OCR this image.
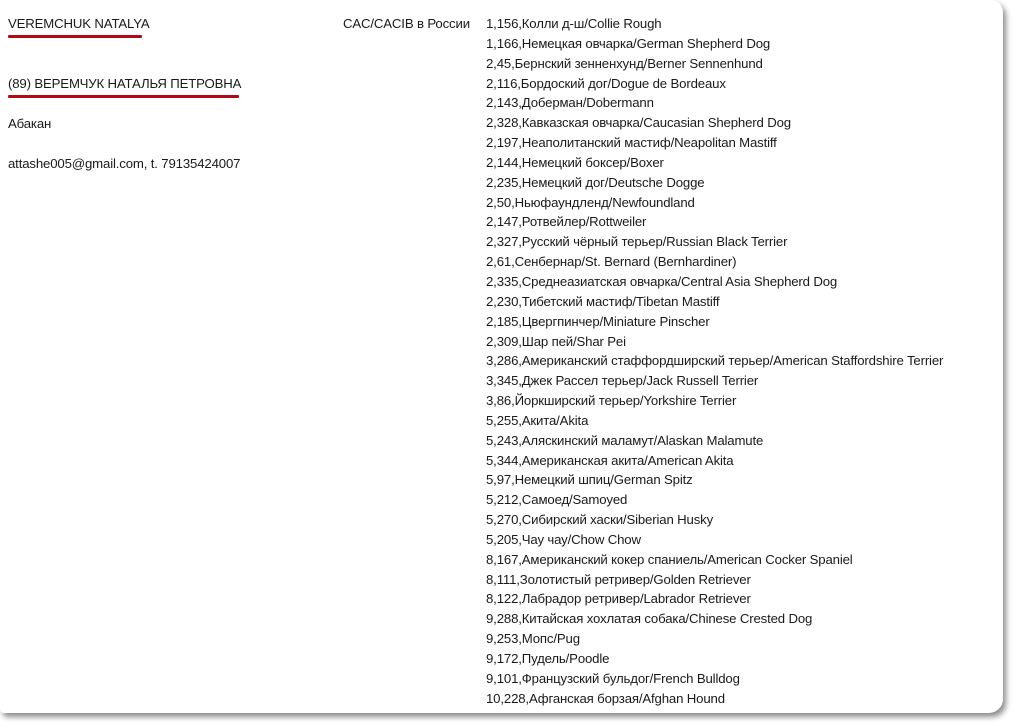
VEREMCHUK NATALYA
(89) ВЕРЕМЧУК НАТАЛЬЯ ПЕТРОВНА
Абакан
attashe005@gmail.com, t. 79135424007
CAC/CACIB в России 1,156,Колли д-ш/Collie Rough
1,166,Немецкая овчарка/German Shepherd Dog
2,45,Бернский зенненхунд/Berner Sennenhund
2,116,Бордоский дог/Dogue de Bordeaux
2,143,Доберман/Dobermann
2,328,Кавказская овчарка/Caucasian Shepherd Dog
2,197,Неаполитанский мастиф/Neapolitan Mastiff
2,144,Немецкий боксер/Boxer
2,235,Немецкий дог/Deutsche Dogge
2,50,Ньюфаундленд/Newfoundland
2,147,Ротвейлер/Rottweiler
2,327,Русский чёрный терьер/Russian Black Terrier
2,61,Сенбернар/St. Bernard (Bernhardiner)
2,335,Среднеазиатская овчарка/Central Asia Shepherd Dog
2,230,Тибетский мастиф/Tibetan Mastiff
2,185,Цвергпинчер/Miniature Pinscher
2,309,Шар пей/Shar Pei
3,286,Американский стаффордширский терьер/American Staffordshire Terrier
3,345,Джек Рассел терьер/Jack Russell Terrier
3,86,Йоркширский терьер/Yorkshire Terrier
5,255,Акита/Akita
5,243,Аляскинский маламут/Alaskan Malamute
5,344,Американская акита/American Akita
5,97,Немецкий шпиц/German Spitz
5,212,Самоед/Samoyed
5,270,Сибирский хаски/Siberian Husky
5,205,Чау чау/Chow Chow
8,167,Американский кокер спаниель/American Cocker Spaniel
8,111,Золотистый ретривер/Golden Retriever
8,122,Лабрадор ретривер/Labrador Retriever
9,288,Китайская хохлатая собака/Chinese Crested Dog
9,253,Мопс/Pug
9,172,Пудель/Poodle
9,101,Французский бульдог/French Bulldog
10,228,Афганская борзая/Afghan Hound
